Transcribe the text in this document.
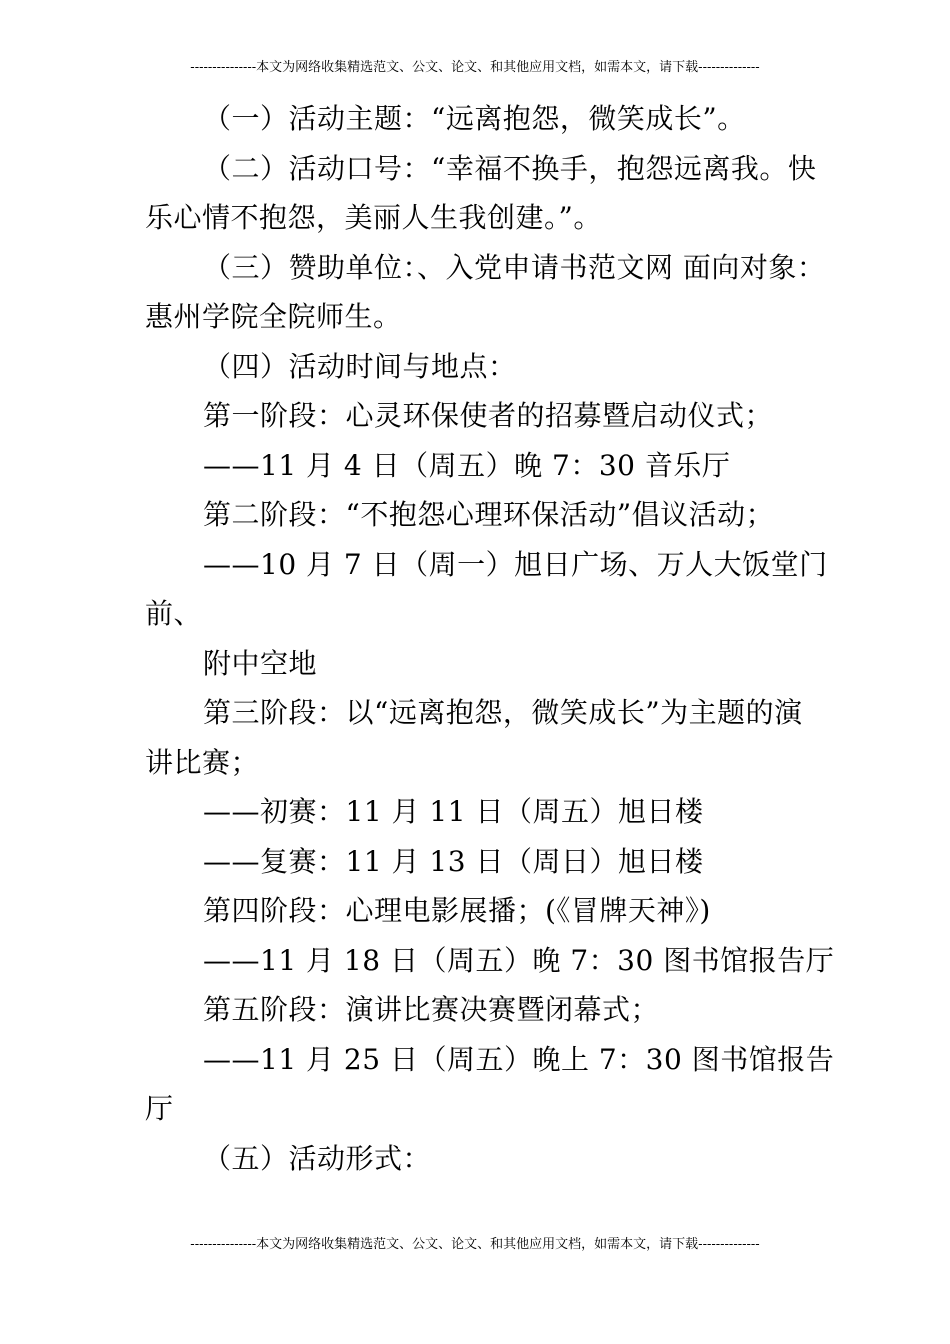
---------------本文为网络收集精选范文、公文、论文、和其他应用文档，如需本文，请下载--------------

（一）活动主题：“远离抱怨，微笑成长”。

（二）活动口号：“幸福不换手，抱怨远离我。快

乐心情不抱怨，美丽人生我创建。”。

（三）赞助单位：、入党申请书范文网 面向对象：

惠州学院全院师生。

（四）活动时间与地点：

第一阶段：心灵环保使者的招募暨启动仪式；

——11 月 4 日（周五）晚 7：30 音乐厅

第二阶段：“不抱怨心理环保活动”倡议活动；

——10 月 7 日（周一）旭日广场、万人大饭堂门

前、

附中空地

第三阶段：以“远离抱怨，微笑成长”为主题的演

讲比赛；

——初赛：11 月 11 日（周五）旭日楼

——复赛：11 月 13 日（周日）旭日楼

第四阶段：心理电影展播；(《冒牌天神》)

——11 月 18 日（周五）晚 7：30 图书馆报告厅

第五阶段：演讲比赛决赛暨闭幕式；

——11 月 25 日（周五）晚上 7：30 图书馆报告

厅

（五）活动形式：

---------------本文为网络收集精选范文、公文、论文、和其他应用文档，如需本文，请下载--------------
